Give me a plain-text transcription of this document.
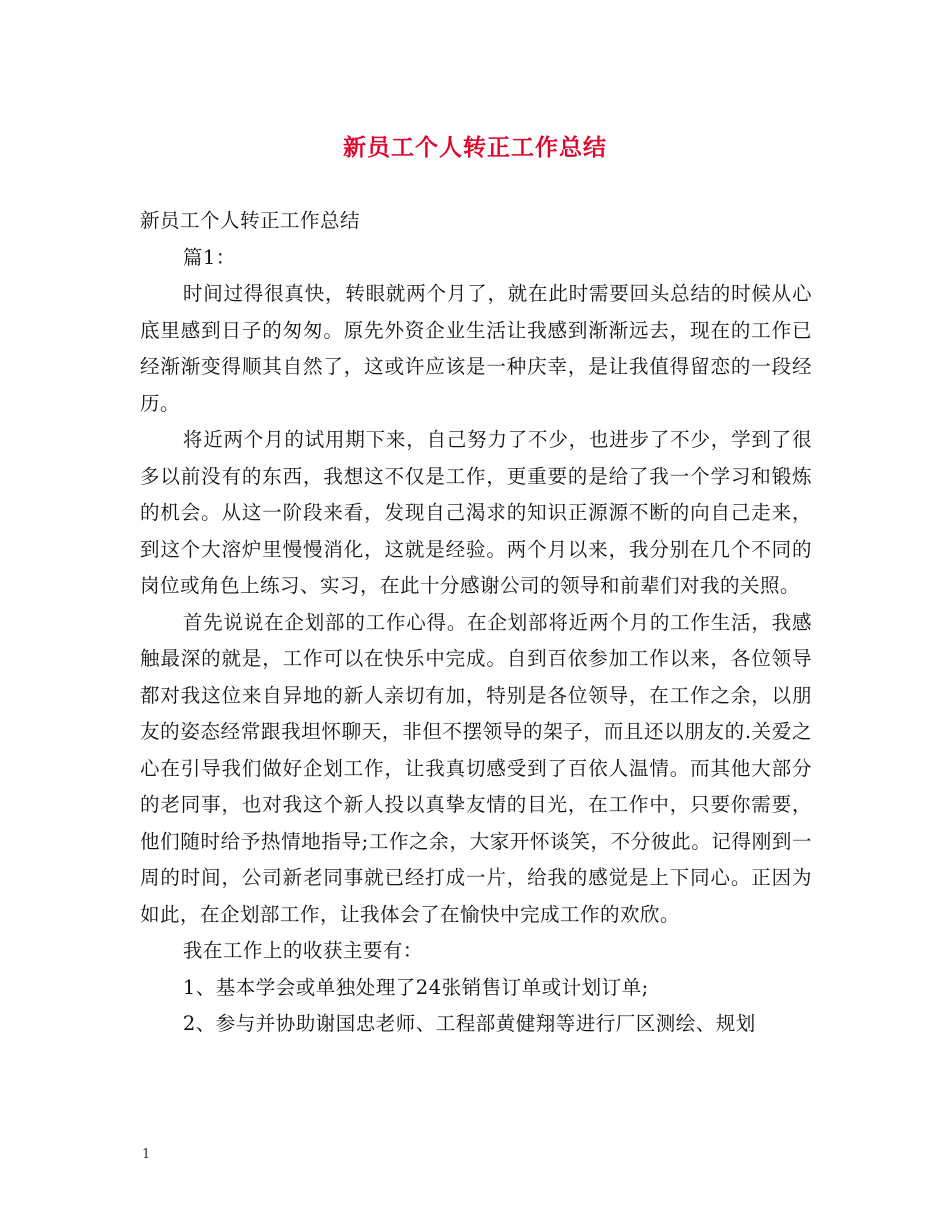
新员工个人转正工作总结

新员工个人转正工作总结

篇1：

时间过得很真快，转眼就两个月了，就在此时需要回头总结的时候从心底里感到日子的匆匆。原先外资企业生活让我感到渐渐远去，现在的工作已经渐渐变得顺其自然了，这或许应该是一种庆幸，是让我值得留恋的一段经历。

将近两个月的试用期下来，自己努力了不少，也进步了不少，学到了很多以前没有的东西，我想这不仅是工作，更重要的是给了我一个学习和锻炼的机会。从这一阶段来看，发现自己渴求的知识正源源不断的向自己走来，到这个大溶炉里慢慢消化，这就是经验。两个月以来，我分别在几个不同的岗位或角色上练习、实习，在此十分感谢公司的领导和前辈们对我的关照。

首先说说在企划部的工作心得。在企划部将近两个月的工作生活，我感触最深的就是，工作可以在快乐中完成。自到百依参加工作以来，各位领导都对我这位来自异地的新人亲切有加，特别是各位领导，在工作之余，以朋友的姿态经常跟我坦怀聊天，非但不摆领导的架子，而且还以朋友的.关爱之心在引导我们做好企划工作，让我真切感受到了百依人温情。而其他大部分的老同事，也对我这个新人投以真挚友情的目光，在工作中，只要你需要，他们随时给予热情地指导;工作之余，大家开怀谈笑，不分彼此。记得刚到一周的时间，公司新老同事就已经打成一片，给我的感觉是上下同心。正因为如此，在企划部工作，让我体会了在愉快中完成工作的欢欣。

我在工作上的收获主要有：

1、基本学会或单独处理了24张销售订单或计划订单;

2、参与并协助谢国忠老师、工程部黄健翔等进行厂区测绘、规划

1
